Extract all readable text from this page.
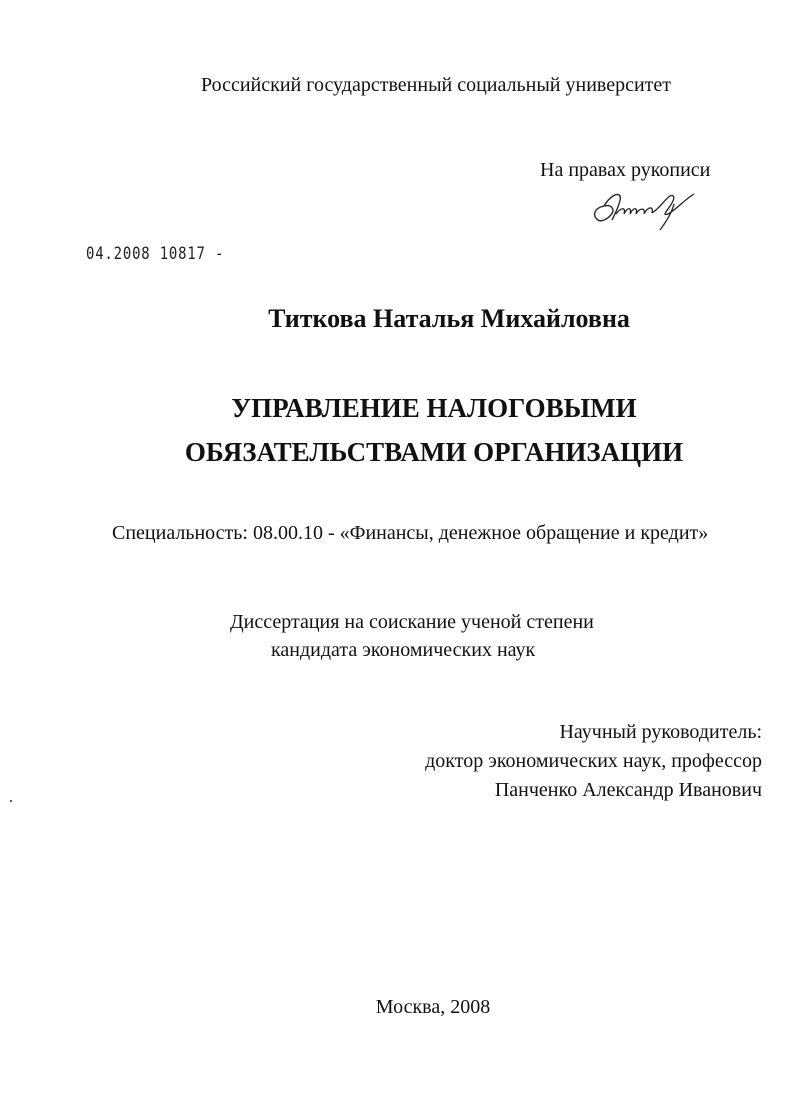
Российский государственный социальный университет
На правах рукописи
04.2008 10817 -
Титкова Наталья Михайловна
УПРАВЛЕНИЕ НАЛОГОВЫМИ
ОБЯЗАТЕЛЬСТВАМИ ОРГАНИЗАЦИИ
Специальность: 08.00.10 - «Финансы, денежное обращение и кредит»
Диссертация на соискание ученой степени
кандидата экономических наук
Научный руководитель:
доктор экономических наук, профессор
Панченко Александр Иванович
Москва, 2008
